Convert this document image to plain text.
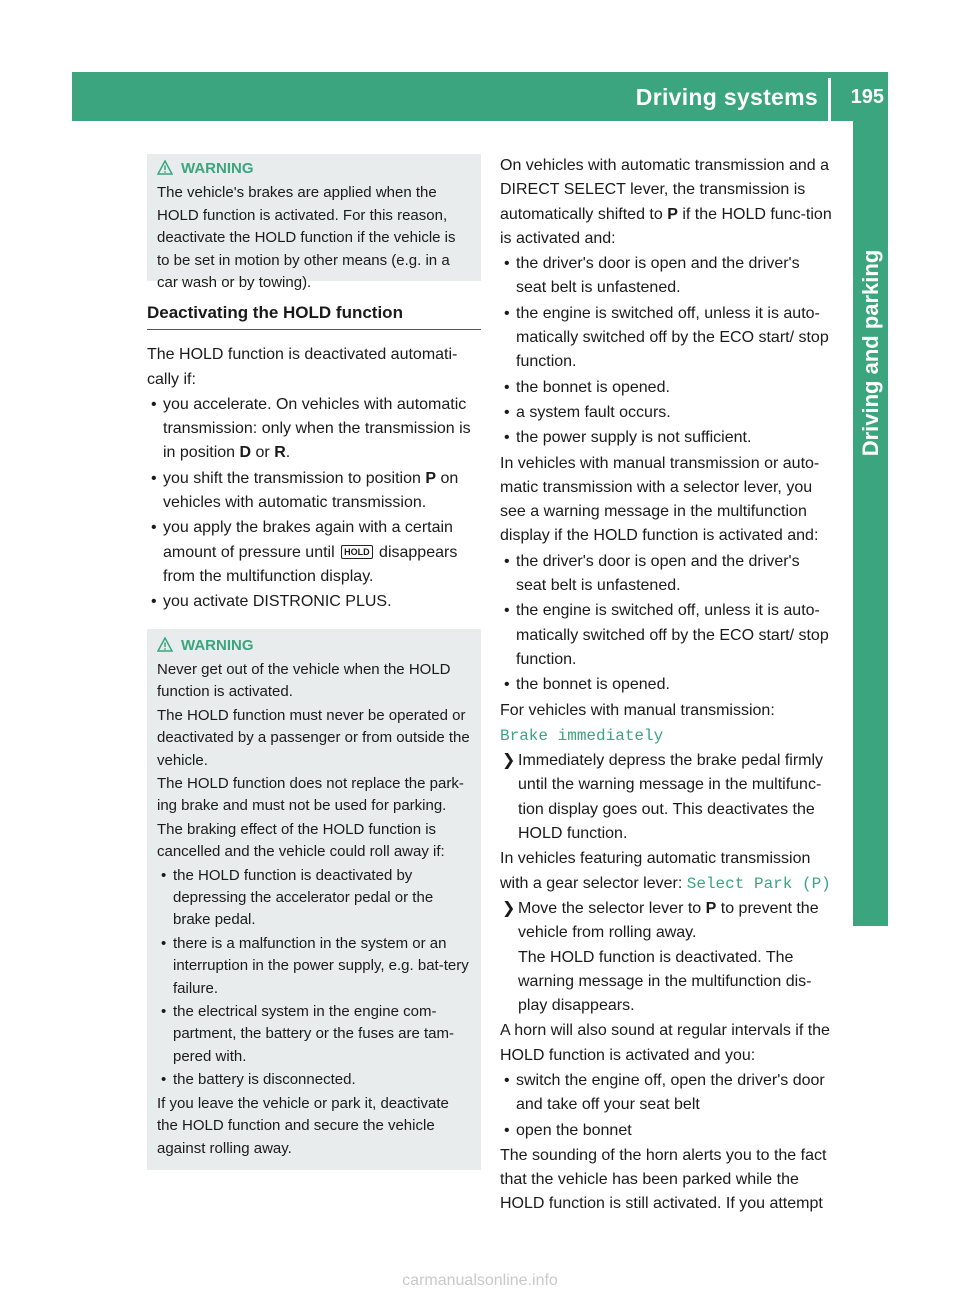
Driving systems 195
Driving and parking
WARNING

The vehicle's brakes are applied when the HOLD function is activated. For this reason, deactivate the HOLD function if the vehicle is to be set in motion by other means (e.g. in a car wash or by towing).

Deactivating the HOLD function

The HOLD function is deactivated automati-cally if:

• you accelerate. On vehicles with automatic transmission: only when the transmission is in position D or R.
• you shift the transmission to position P on vehicles with automatic transmission.
• you apply the brakes again with a certain amount of pressure until HOLD disappears from the multifunction display.
• you activate DISTRONIC PLUS.
WARNING

Never get out of the vehicle when the HOLD function is activated.

The HOLD function must never be operated or deactivated by a passenger or from outside the vehicle.

The HOLD function does not replace the park-ing brake and must not be used for parking.

The braking effect of the HOLD function is cancelled and the vehicle could roll away if:

• the HOLD function is deactivated by depressing the accelerator pedal or the brake pedal.
• there is a malfunction in the system or an interruption in the power supply, e.g. bat-tery failure.
• the electrical system in the engine com-partment, the battery or the fuses are tam-pered with.
• the battery is disconnected.

If you leave the vehicle or park it, deactivate the HOLD function and secure the vehicle against rolling away.

On vehicles with automatic transmission and a DIRECT SELECT lever, the transmission is automatically shifted to P if the HOLD func-tion is activated and:

• the driver's door is open and the driver's seat belt is unfastened.
• the engine is switched off, unless it is auto-matically switched off by the ECO start/ stop function.
• the bonnet is opened.
• a system fault occurs.
• the power supply is not sufficient.

In vehicles with manual transmission or auto-matic transmission with a selector lever, you see a warning message in the multifunction display if the HOLD function is activated and:

• the driver's door is open and the driver's seat belt is unfastened.
• the engine is switched off, unless it is auto-matically switched off by the ECO start/ stop function.
• the bonnet is opened.

For vehicles with manual transmission:

Brake immediately

❯ Immediately depress the brake pedal firmly until the warning message in the multifunc-tion display goes out. This deactivates the HOLD function.

In vehicles featuring automatic transmission with a gear selector lever: Select Park (P)

❯ Move the selector lever to P to prevent the vehicle from rolling away.
The HOLD function is deactivated. The warning message in the multifunction dis-play disappears.

A horn will also sound at regular intervals if the HOLD function is activated and you:

• switch the engine off, open the driver's door and take off your seat belt
• open the bonnet

The sounding of the horn alerts you to the fact that the vehicle has been parked while the HOLD function is still activated. If you attempt

carmanualsonline.info
